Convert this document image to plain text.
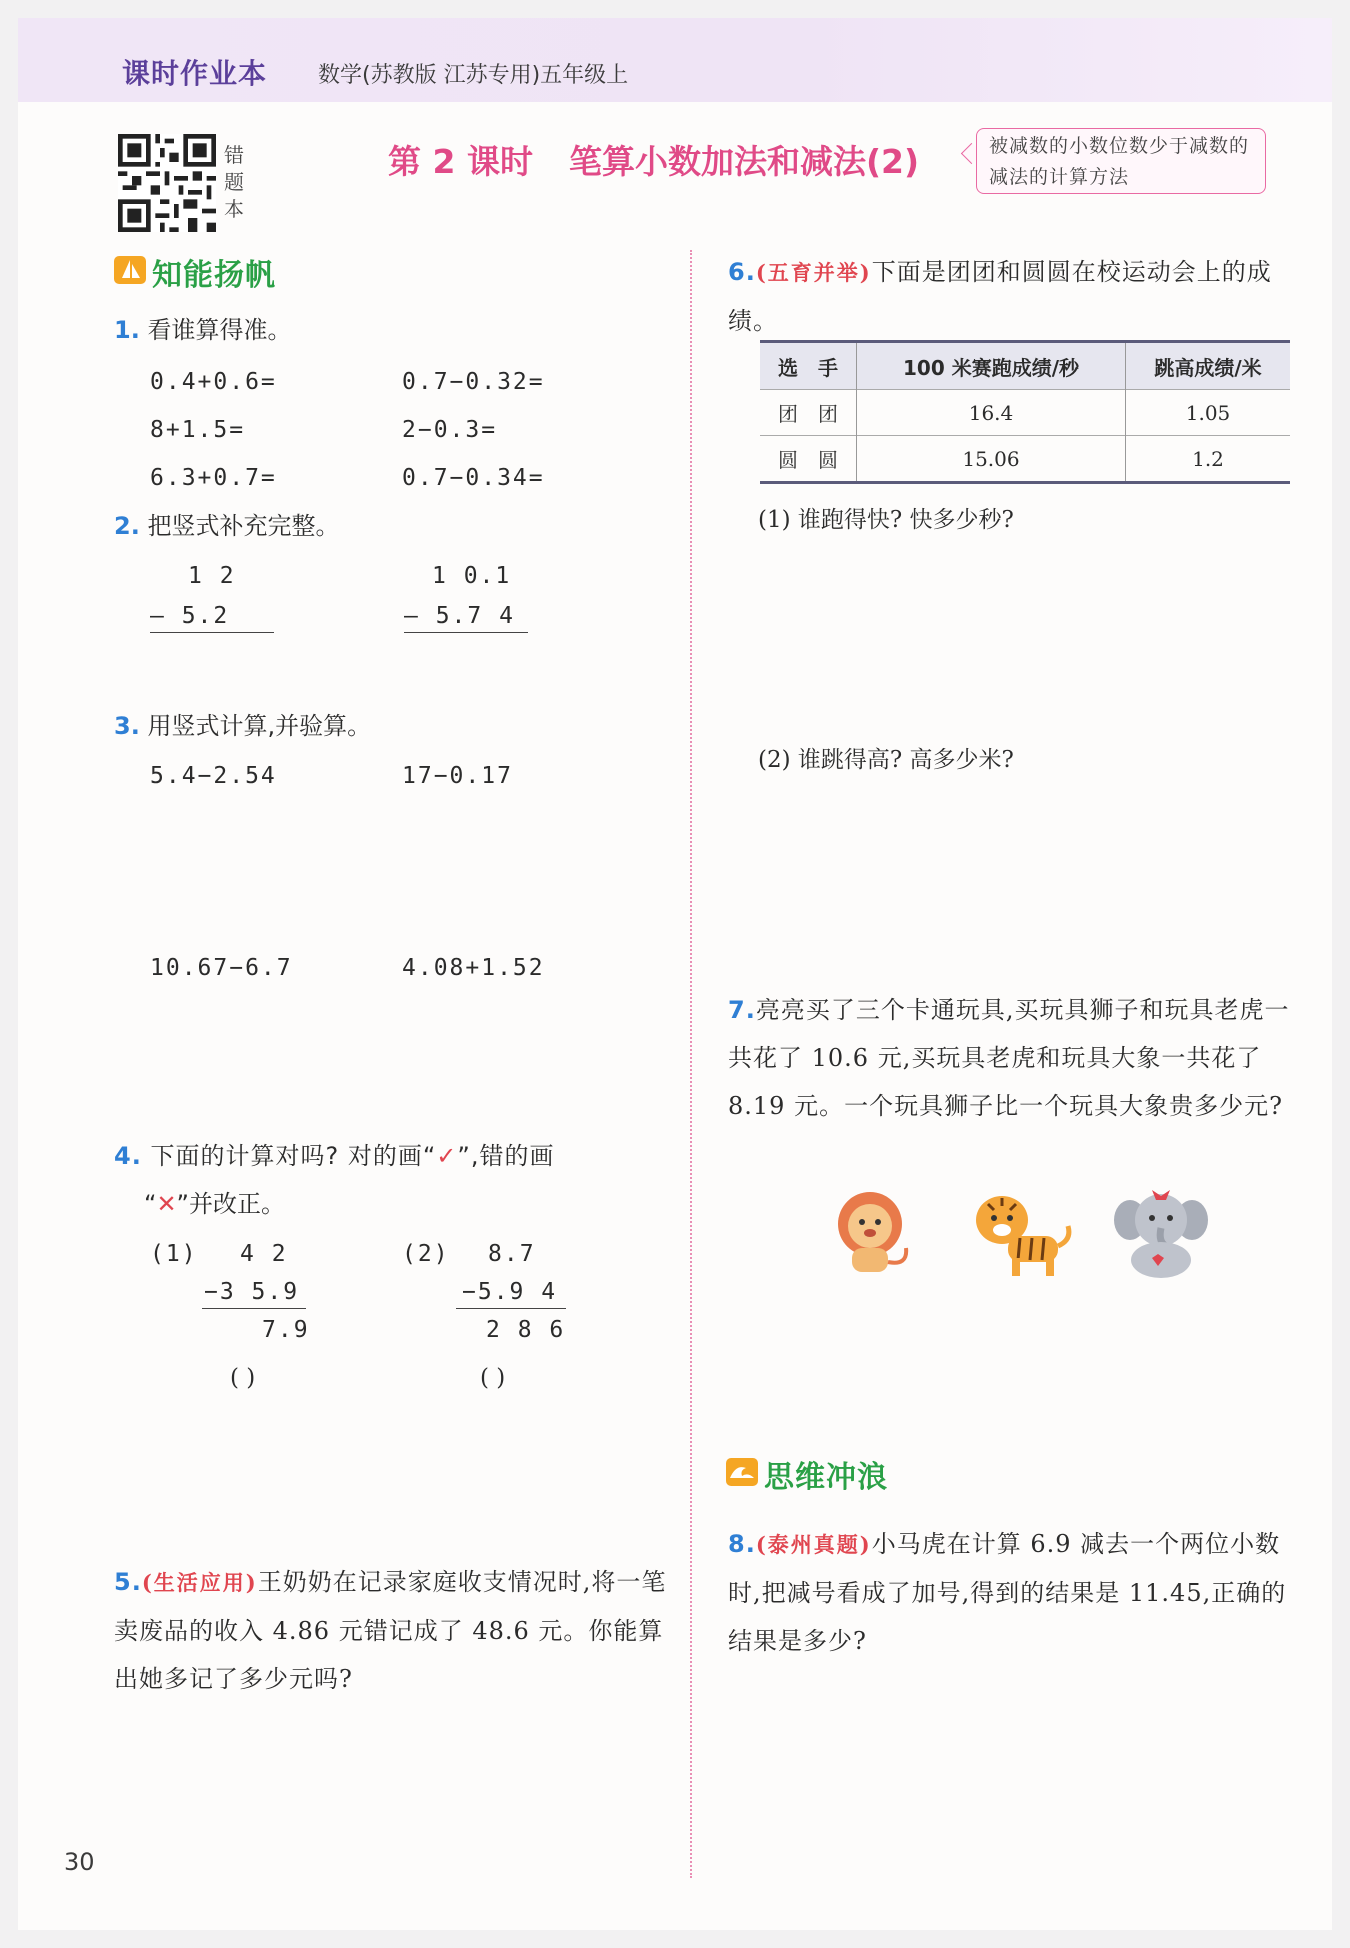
课时作业本 数学(苏教版 江苏专用)五年级上
错
题
本
第 2 课时 笔算小数加法和减法(2)	被减数的小数位数少于减数的减法的计算方法
知能扬帆
1. 看谁算得准。
0.4+0.6=	0.7−0.32=
8+1.5=	2−0.3=
6.3+0.7=	0.7−0.34=
2. 把竖式补充完整。
1 2
— 5.2
1 0.1
— 5.7 4
3. 用竖式计算,并验算。
5.4−2.54	17−0.17
10.67−6.7	4.08+1.52
4. 下面的计算对吗? 对的画“✓”,错的画
“✕”并改正。
(1) 4 2
−3 5.9
7.9
( )
(2) 8.7
−5.9 4
2 8 6
( )
5.(生活应用)王奶奶在记录家庭收支情况时,将一笔卖废品的收入 4.86 元错记成了 48.6 元。你能算出她多记了多少元吗?
6.(五育并举)下面是团团和圆圆在校运动会上的成绩。
选　手	100 米赛跑成绩/秒	跳高成绩/米
团　团	16.4	1.05
圆　圆	15.06	1.2
(1) 谁跑得快? 快多少秒?
(2) 谁跳得高? 高多少米?
7.亮亮买了三个卡通玩具,买玩具狮子和玩具老虎一共花了 10.6 元,买玩具老虎和玩具大象一共花了 8.19 元。一个玩具狮子比一个玩具大象贵多少元?
思维冲浪
8.(泰州真题)小马虎在计算 6.9 减去一个两位小数时,把减号看成了加号,得到的结果是 11.45,正确的结果是多少?
30
